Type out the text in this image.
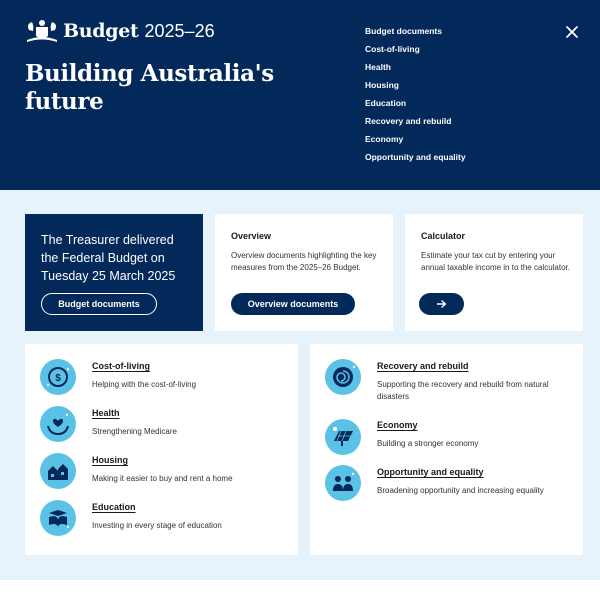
Budget 2025–26
Building Australia's future
Budget documents
Cost-of-living
Health
Housing
Education
Recovery and rebuild
Economy
Opportunity and equality

The Treasurer delivered the Federal Budget on Tuesday 25 March 2025

Budget documents
Overview

Overview documents highlighting the key measures from the 2025–26 Budget.

Overview documents
Calculator

Estimate your tax cut by entering your annual taxable income in to the calculator.

$
Cost-of-living

Helping with the cost-of-living

Health

Strengthening Medicare

Housing

Making it easier to buy and rent a home

Education

Investing in every stage of education

Recovery and rebuild

Supporting the recovery and rebuild from natural disasters

Economy

Building a stronger economy

Opportunity and equality

Broadening opportunity and increasing equality
